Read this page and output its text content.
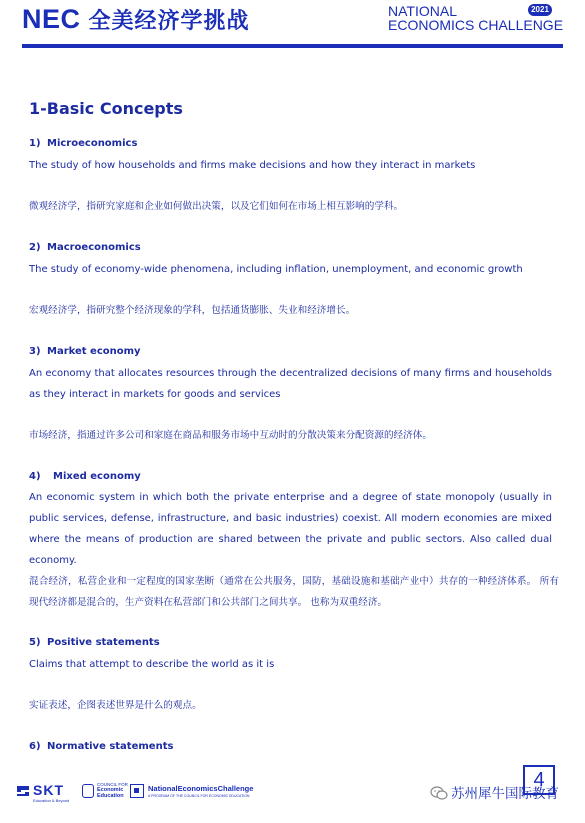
NEC 全美经济学挑战	NATIONAL	2021
ECONOMICS CHALLENGE
1-Basic Concepts
1) Microeconomics
The study of how households and firms make decisions and how they interact in markets
微观经济学，指研究家庭和企业如何做出决策，以及它们如何在市场上相互影响的学科。
2) Macroeconomics
The study of economy-wide phenomena, including inflation, unemployment, and economic growth
宏观经济学，指研究整个经济现象的学科，包括通货膨胀、失业和经济增长。
3) Market economy
An economy that allocates resources through the decentralized decisions of many firms and households as they interact in markets for goods and services
市场经济，指通过许多公司和家庭在商品和服务市场中互动时的分散决策来分配资源的经济体。
4) Mixed economy
An economic system in which both the private enterprise and a degree of state monopoly (usually in public services, defense, infrastructure, and basic industries) coexist. All modern economies are mixed where the means of production are shared between the private and public sectors. Also called dual economy.
混合经济，私营企业和一定程度的国家垄断（通常在公共服务，国防，基础设施和基础产业中）共存的一种经济体系。 所有现代经济都是混合的，生产资料在私营部门和公共部门之间共享。 也称为双重经济。
5) Positive statements
Claims that attempt to describe the world as it is
实证表述，企图表述世界是什么的观点。
6) Normative statements
SKT
Education & Beyond
COUNCIL FOR
Economic Education
NationalEconomicsChallenge
A PROGRAM OF THE COUNCIL FOR ECONOMIC EDUCATION
4
苏州犀牛国际教育
